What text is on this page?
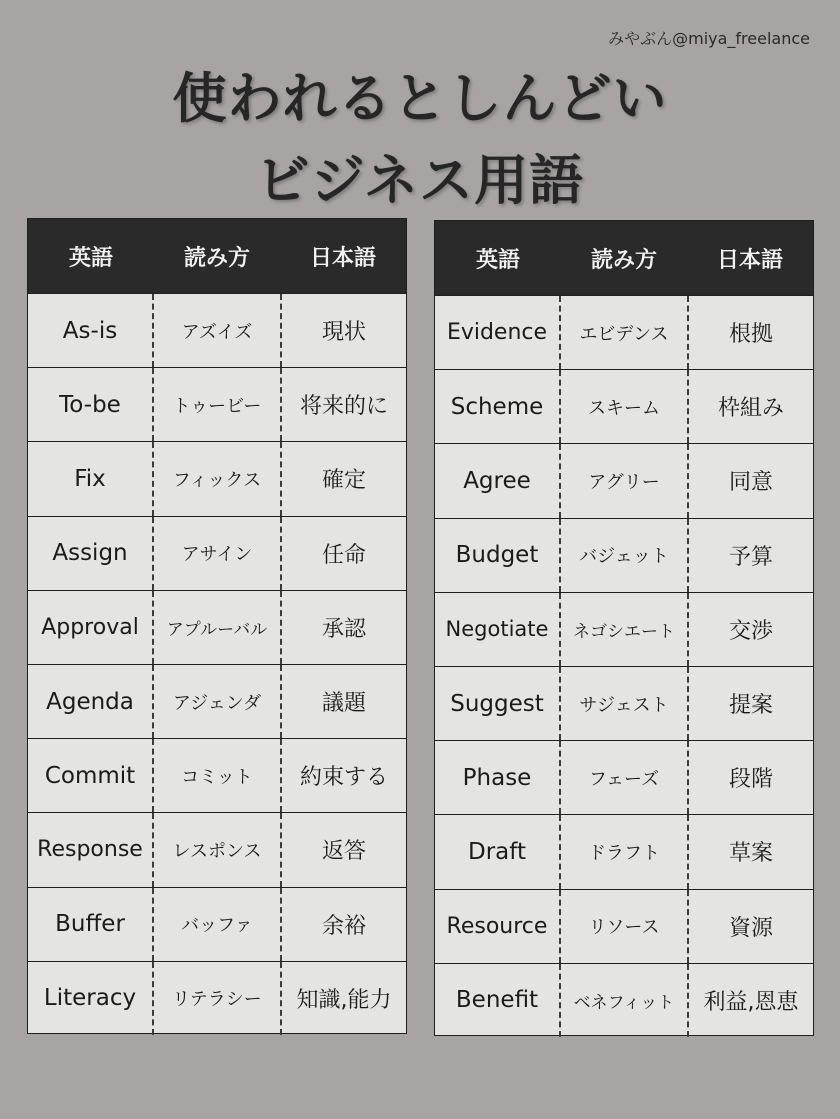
みやぶん@miya_freelance
使われるとしんどい
ビジネス用語
英語	読み方	日本語
As-is	アズイズ	現状
To-be	トゥービー	将来的に
Fix	フィックス	確定
Assign	アサイン	任命
Approval	アプルーバル	承認
Agenda	アジェンダ	議題
Commit	コミット	約束する
Response	レスポンス	返答
Buffer	バッファ	余裕
Literacy	リテラシー	知識,能力
英語	読み方	日本語
Evidence	エビデンス	根拠
Scheme	スキーム	枠組み
Agree	アグリー	同意
Budget	バジェット	予算
Negotiate	ネゴシエート	交渉
Suggest	サジェスト	提案
Phase	フェーズ	段階
Draft	ドラフト	草案
Resource	リソース	資源
Benefit	ベネフィット	利益,恩恵
